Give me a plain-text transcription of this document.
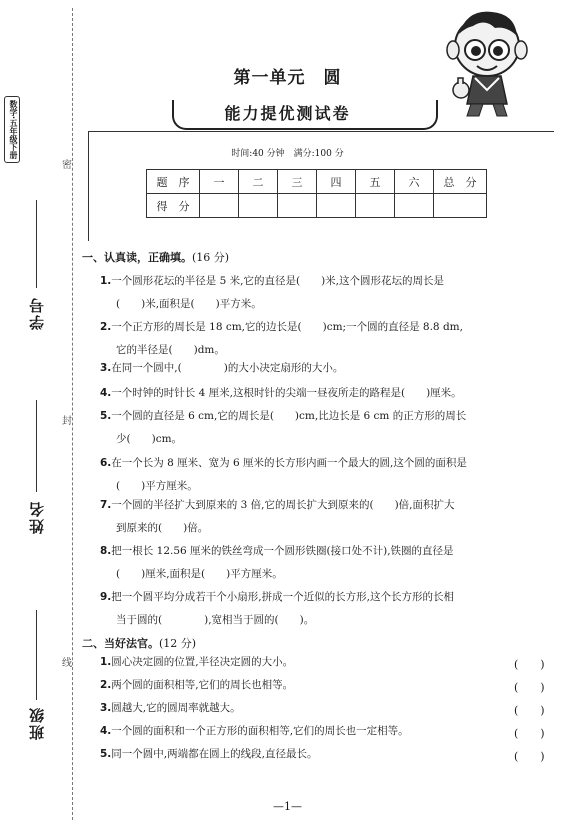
数学·五年级下册
密
封
线
学号
姓名
班级
第一单元　圆
能力提优测试卷
时间:40 分钟　满分:100 分
题　序	一	二	三	四	五	六	总　分
得　分							
一、认真读，正确填。(16 分)
1.一个圆形花坛的半径是 5 米,它的直径是(　　)米,这个圆形花坛的周长是
(　　)米,面积是(　　)平方米。
2.一个正方形的周长是 18 cm,它的边长是(　　)cm;一个圆的直径是 8.8 dm,
它的半径是(　　)dm。
3.在同一个圆中,(　　　　)的大小决定扇形的大小。
4.一个时钟的时针长 4 厘米,这根时针的尖端一昼夜所走的路程是(　　)厘米。
5.一个圆的直径是 6 cm,它的周长是(　　)cm,比边长是 6 cm 的正方形的周长
少(　　)cm。
6.在一个长为 8 厘米、宽为 6 厘米的长方形内画一个最大的圆,这个圆的面积是
(　　)平方厘米。
7.一个圆的半径扩大到原来的 3 倍,它的周长扩大到原来的(　　)倍,面积扩大
到原来的(　　)倍。
8.把一根长 12.56 厘米的铁丝弯成一个圆形铁圈(接口处不计),铁圈的直径是
(　　)厘米,面积是(　　)平方厘米。
9.把一个圆平均分成若干个小扇形,拼成一个近似的长方形,这个长方形的长相
当于圆的(　　　　),宽相当于圆的(　　)。
二、当好法官。(12 分)
1.圆心决定圆的位置,半径决定圆的大小。	(　　)
2.两个圆的面积相等,它们的周长也相等。	(　　)
3.圆越大,它的圆周率就越大。	(　　)
4.一个圆的面积和一个正方形的面积相等,它们的周长也一定相等。	(　　)
5.同一个圆中,两端都在圆上的线段,直径最长。	(　　)
—1—
